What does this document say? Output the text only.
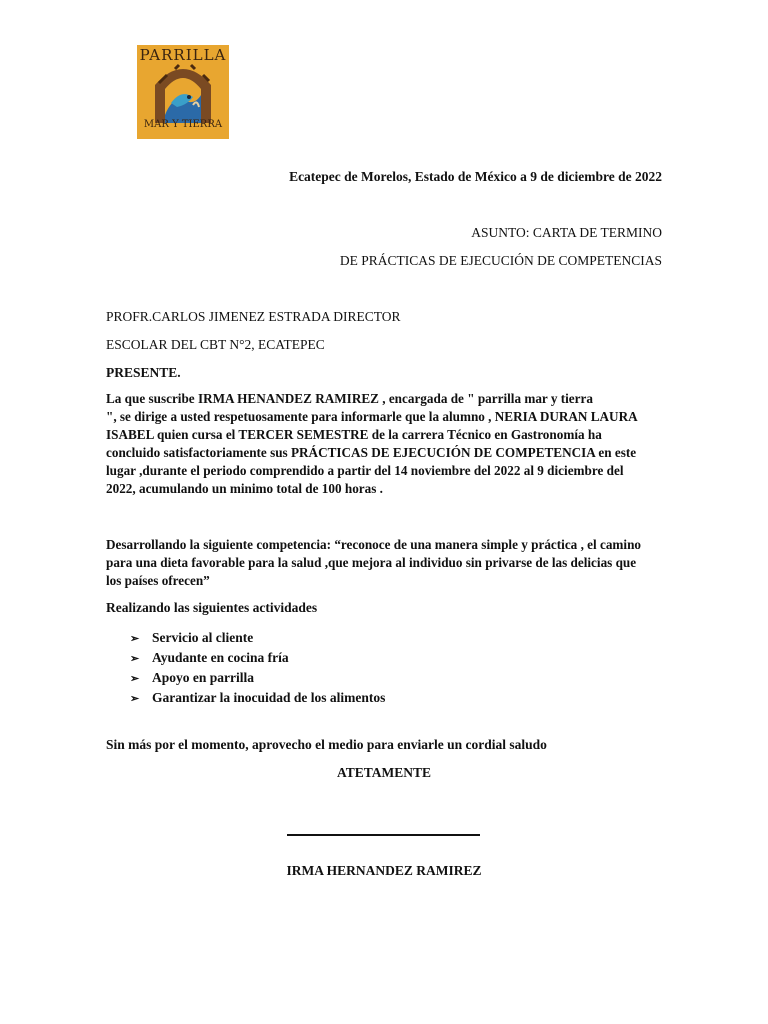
PARRILLA
MAR Y TIERRA
Ecatepec de Morelos, Estado de México a 9 de diciembre de 2022
ASUNTO: CARTA DE TERMINO
DE PRÁCTICAS DE EJECUCIÓN DE COMPETENCIAS
PROFR.CARLOS JIMENEZ ESTRADA DIRECTOR
ESCOLAR DEL CBT N°2, ECATEPEC
PRESENTE.
La que suscribe IRMA HENANDEZ RAMIREZ , encargada de " parrilla mar y tierra
", se dirige a usted respetuosamente para informarle que la alumno , NERIA DURAN LAURA
ISABEL quien cursa el TERCER SEMESTRE de la carrera Técnico en Gastronomía ha
concluido satisfactoriamente sus PRÁCTICAS DE EJECUCIÓN DE COMPETENCIA en este
lugar ,durante el periodo comprendido a partir del 14 noviembre del 2022 al 9 diciembre del
2022, acumulando un minimo total de 100 horas .
Desarrollando la siguiente competencia: “reconoce de una manera simple y práctica , el camino
para una dieta favorable para la salud ,que mejora al individuo sin privarse de las delicias que
los países ofrecen”
Realizando las siguientes actividades
➢ Servicio al cliente
➢ Ayudante en cocina fría
➢ Apoyo en parrilla
➢ Garantizar la inocuidad de los alimentos
Sin más por el momento, aprovecho el medio para enviarle un cordial saludo
ATETAMENTE
IRMA HERNANDEZ RAMIREZ
